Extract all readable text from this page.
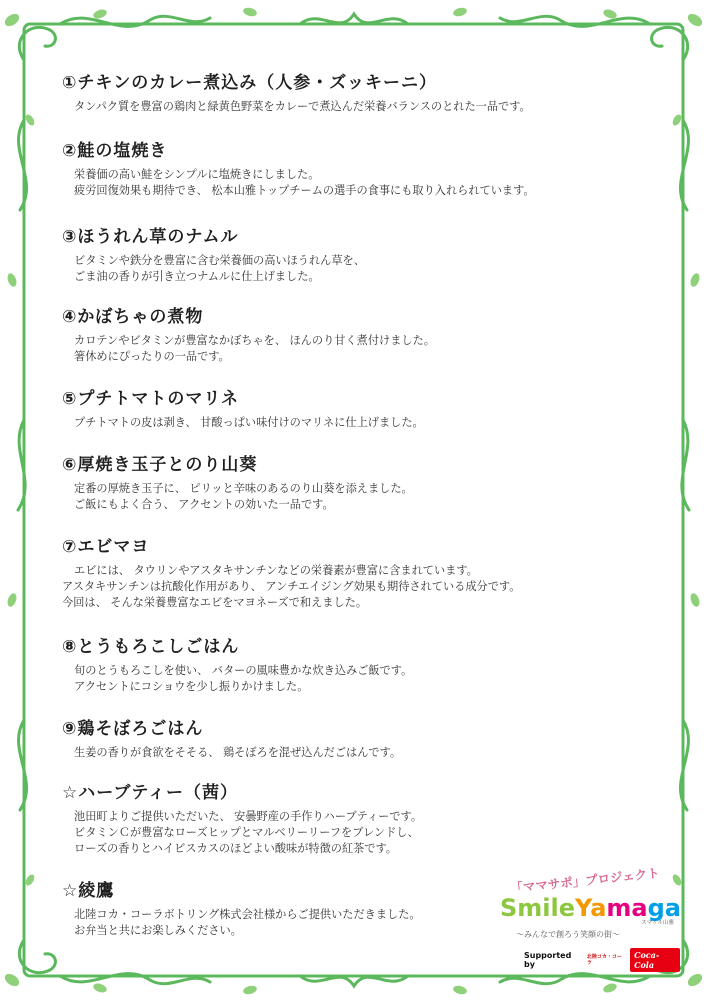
①チキンのカレー煮込み（人参・ズッキーニ）
タンパク質を豊富の鶏肉と緑黄色野菜をカレーで煮込んだ栄養バランスのとれた一品です。
②鮭の塩焼き
栄養価の高い鮭をシンプルに塩焼きにしました。
疲労回復効果も期待でき、 松本山雅トップチームの選手の食事にも取り入れられています。
③ほうれん草のナムル
ビタミンや鉄分を豊富に含む栄養価の高いほうれん草を、
ごま油の香りが引き立つナムルに仕上げました。
④かぼちゃの煮物
カロテンやビタミンが豊富なかぼちゃを、 ほんのり甘く煮付けました。
箸休めにぴったりの一品です。
⑤プチトマトのマリネ
プチトマトの皮は剥き、 甘酸っぱい味付けのマリネに仕上げました。
⑥厚焼き玉子とのり山葵
定番の厚焼き玉子に、 ピリッと辛味のあるのり山葵を添えました。
ご飯にもよく合う、 アクセントの効いた一品です。
⑦エビマヨ
エビには、 タウリンやアスタキサンチンなどの栄養素が豊富に含まれています。
アスタキサンチンは抗酸化作用があり、 アンチエイジング効果も期待されている成分です。
今回は、 そんな栄養豊富なエビをマヨネーズで和えました。
⑧とうもろこしごはん
旬のとうもろこしを使い、 バターの風味豊かな炊き込みご飯です。
アクセントにコショウを少し振りかけました。
⑨鶏そぼろごはん
生姜の香りが食欲をそそる、 鶏そぼろを混ぜ込んだごはんです。
☆ハーブティー（茜）
池田町よりご提供いただいた、 安曇野産の手作りハーブティーです。
ビタミンＣが豊富なローズヒップとマルベリーリーフをブレンドし、
ローズの香りとハイビスカスのほどよい酸味が特徴の紅茶です。
☆綾鷹
北陸コカ・コーラボトリング株式会社様からご提供いただきました。
お弁当と共にお楽しみください。
「ママサポ」プロジェクト
SmileYamaga
スマイル山雅
～みんなで創ろう笑顔の街～
Supported by
北陸コカ・コーラ
Coca-Cola
